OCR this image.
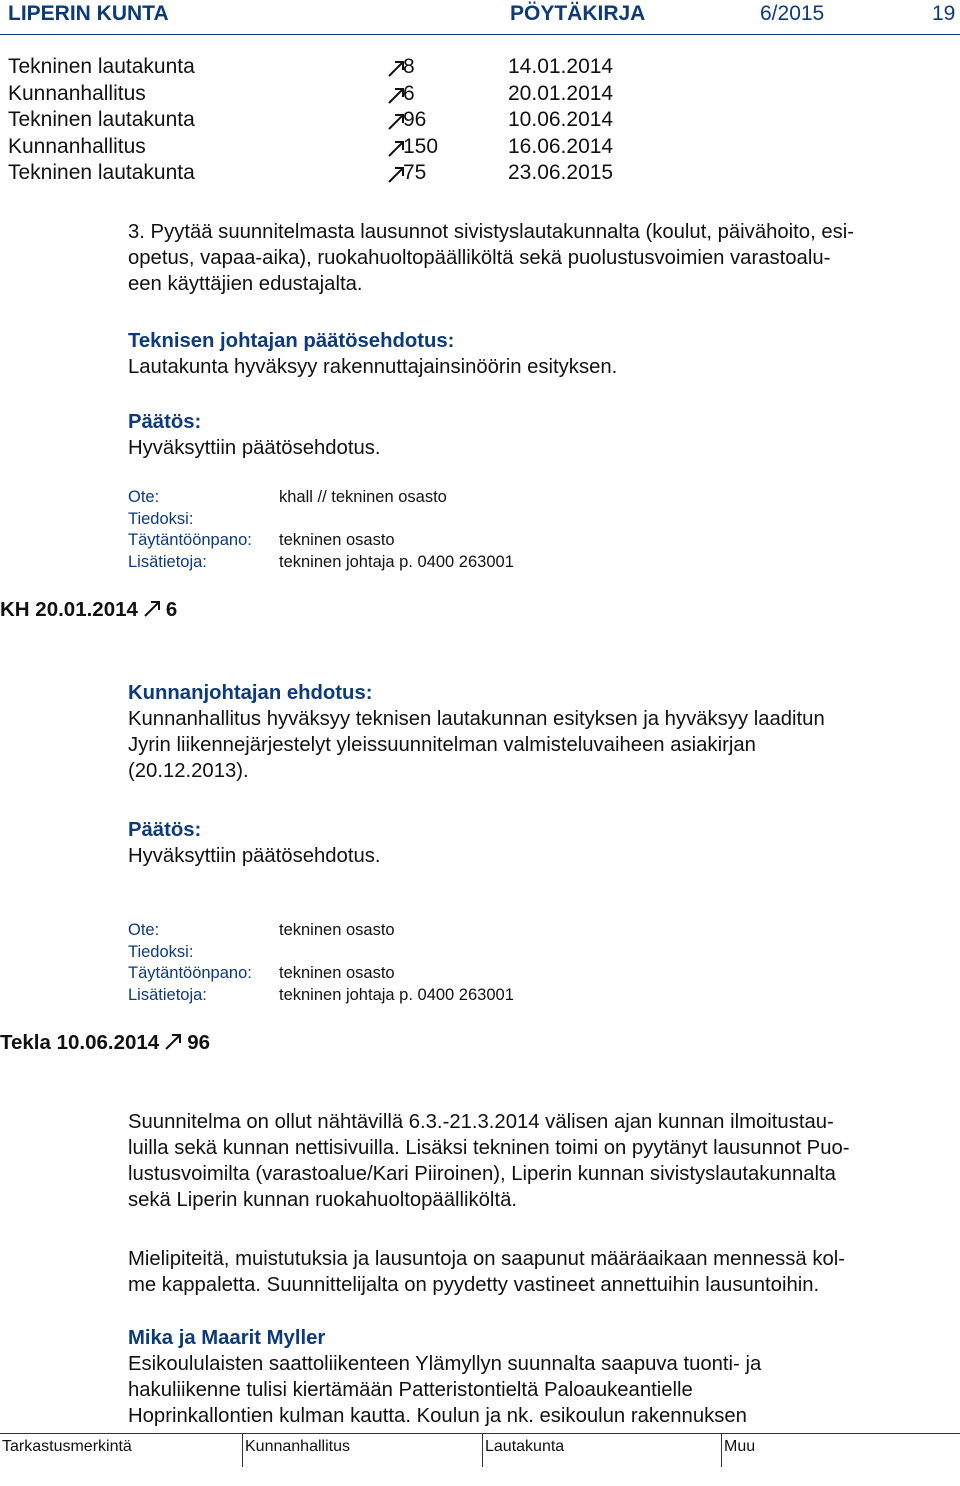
LIPERIN KUNTA	PÖYTÄKIRJA	6/2015	19
Tekninen lautakunta	8	14.01.2014
Kunnanhallitus	6	20.01.2014
Tekninen lautakunta	96	10.06.2014
Kunnanhallitus	150	16.06.2014
Tekninen lautakunta	75	23.06.2015
3. Pyytää suunnitelmasta lausunnot sivistyslautakunnalta (koulut, päivähoito, esi-
opetus, vapaa-aika), ruokahuoltopäälliköltä sekä puolustusvoimien varastoalu-
een käyttäjien edustajalta.
Teknisen johtajan päätösehdotus:
Lautakunta hyväksyy rakennuttajainsinöörin esityksen.
Päätös:
Hyväksyttiin päätösehdotus.
Ote:	khall // tekninen osasto
Tiedoksi:
Täytäntöönpano: tekninen osasto
Lisätietoja:	tekninen johtaja p. 0400 263001
KH 20.01.2014 6
Kunnanjohtajan ehdotus:
Kunnanhallitus hyväksyy teknisen lautakunnan esityksen ja hyväksyy laaditun
Jyrin liikennejärjestelyt yleissuunnitelman valmisteluvaiheen asiakirjan
(20.12.2013).
Päätös:
Hyväksyttiin päätösehdotus.
Ote:	tekninen osasto
Tiedoksi:
Täytäntöönpano: tekninen osasto
Lisätietoja:	tekninen johtaja p. 0400 263001
Tekla 10.06.2014 96
Suunnitelma on ollut nähtävillä 6.3.-21.3.2014 välisen ajan kunnan ilmoitustau-
luilla sekä kunnan nettisivuilla. Lisäksi tekninen toimi on pyytänyt lausunnot Puo-
lustusvoimilta (varastoalue/Kari Piiroinen), Liperin kunnan sivistyslautakunnalta
sekä Liperin kunnan ruokahuoltopäälliköltä.
Mielipiteitä, muistutuksia ja lausuntoja on saapunut määräaikaan mennessä kol-
me kappaletta. Suunnittelijalta on pyydetty vastineet annettuihin lausuntoihin.
Mika ja Maarit Myller
Esikoululaisten saattoliikenteen Ylämyllyn suunnalta saapuva tuonti- ja
hakuliikenne tulisi kiertämään Patteristontieltä Paloaukeantielle
Hoprinkallontien kulman kautta. Koulun ja nk. esikoulun rakennuksen
Tarkastusmerkintä	Kunnanhallitus	Lautakunta	Muu
